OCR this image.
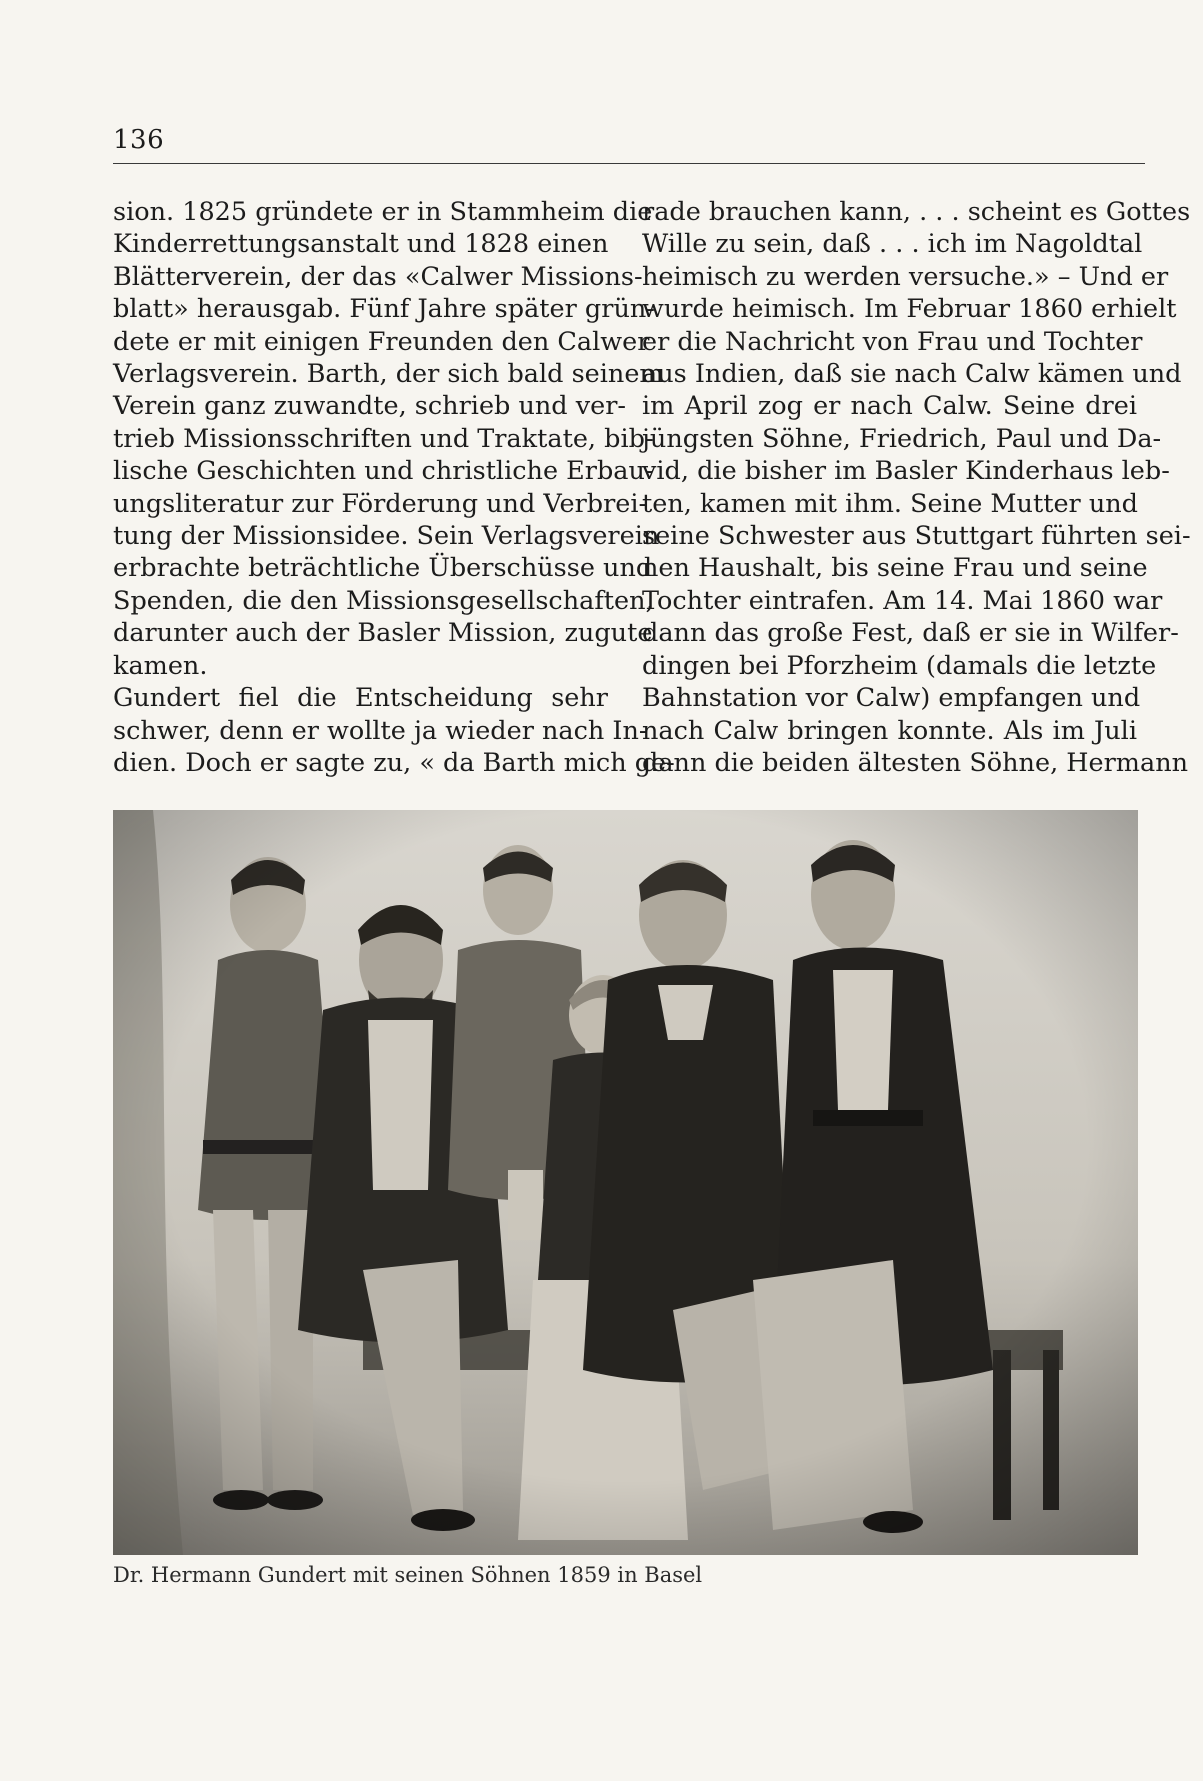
136
sion. 1825 gründete er in Stammheim die
Kinderrettungsanstalt und 1828 einen
Blätterverein, der das «Calwer Missions-
blatt» herausgab. Fünf Jahre später grün-
dete er mit einigen Freunden den Calwer
Verlagsverein. Barth, der sich bald seinem
Verein ganz zuwandte, schrieb und ver-
trieb Missionsschriften und Traktate, bib-
lische Geschichten und christliche Erbau-
ungsliteratur zur Förderung und Verbrei-
tung der Missionsidee. Sein Verlagsverein
erbrachte beträchtliche Überschüsse und
Spenden, die den Missionsgesellschaften,
darunter auch der Basler Mission, zugute
kamen.
Gundert fiel die Entscheidung sehr
schwer, denn er wollte ja wieder nach In-
dien. Doch er sagte zu, « da Barth mich ge-
rade brauchen kann, . . . scheint es Gottes
Wille zu sein, daß . . . ich im Nagoldtal
heimisch zu werden versuche.» – Und er
wurde heimisch. Im Februar 1860 erhielt
er die Nachricht von Frau und Tochter
aus Indien, daß sie nach Calw kämen und
im April zog er nach Calw. Seine drei
jüngsten Söhne, Friedrich, Paul und Da-
vid, die bisher im Basler Kinderhaus leb-
ten, kamen mit ihm. Seine Mutter und
seine Schwester aus Stuttgart führten sei-
nen Haushalt, bis seine Frau und seine
Tochter eintrafen. Am 14. Mai 1860 war
dann das große Fest, daß er sie in Wilfer-
dingen bei Pforzheim (damals die letzte
Bahnstation vor Calw) empfangen und
nach Calw bringen konnte. Als im Juli
dann die beiden ältesten Söhne, Hermann
Dr. Hermann Gundert mit seinen Söhnen 1859 in Basel
